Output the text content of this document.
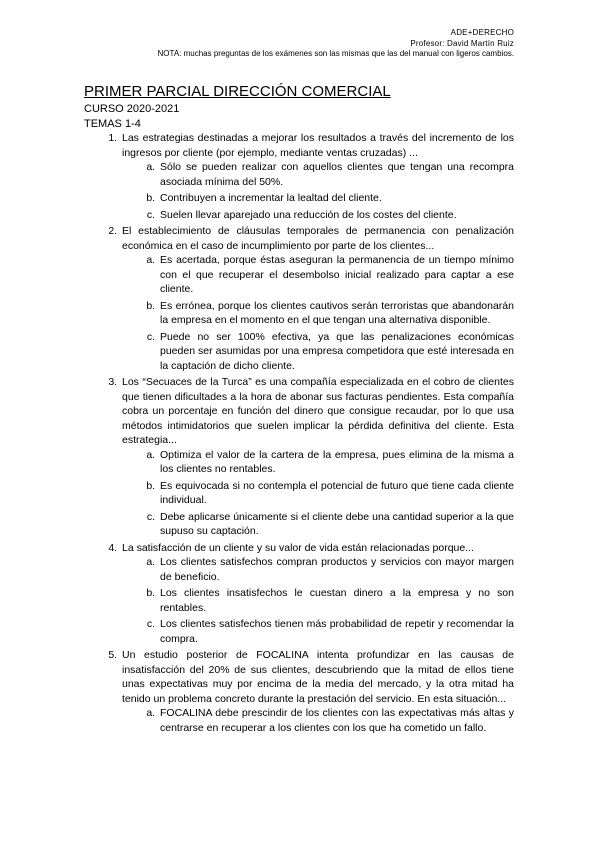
ADE+DERECHO
Profesor: David Martín Ruiz
NOTA: muchas preguntas de los exámenes son las mismas que las del manual con ligeros cambios.
PRIMER PARCIAL DIRECCIÓN COMERCIAL
CURSO 2020-2021
TEMAS 1-4
1. Las estrategias destinadas a mejorar los resultados a través del incremento de los ingresos por cliente (por ejemplo, mediante ventas cruzadas) ...
a. Sólo se pueden realizar con aquellos clientes que tengan una recompra asociada mínima del 50%.
b. Contribuyen a incrementar la lealtad del cliente.
c. Suelen llevar aparejado una reducción de los costes del cliente.
2. El establecimiento de cláusulas temporales de permanencia con penalización económica en el caso de incumplimiento por parte de los clientes...
a. Es acertada, porque éstas aseguran la permanencia de un tiempo mínimo con el que recuperar el desembolso inicial realizado para captar a ese cliente.
b. Es errónea, porque los clientes cautivos serán terroristas que abandonarán la empresa en el momento en el que tengan una alternativa disponible.
c. Puede no ser 100% efectiva, ya que las penalizaciones económicas pueden ser asumidas por una empresa competidora que esté interesada en la captación de dicho cliente.
3. Los “Secuaces de la Turca” es una compañía especializada en el cobro de clientes que tienen dificultades a la hora de abonar sus facturas pendientes. Esta compañía cobra un porcentaje en función del dinero que consigue recaudar, por lo que usa métodos intimidatorios que suelen implicar la pérdida definitiva del cliente. Esta estrategia...
a. Optimiza el valor de la cartera de la empresa, pues elimina de la misma a los clientes no rentables.
b. Es equivocada si no contempla el potencial de futuro que tiene cada cliente individual.
c. Debe aplicarse únicamente si el cliente debe una cantidad superior a la que supuso su captación.
4. La satisfacción de un cliente y su valor de vida están relacionadas porque...
a. Los clientes satisfechos compran productos y servicios con mayor margen de beneficio.
b. Los clientes insatisfechos le cuestan dinero a la empresa y no son rentables.
c. Los clientes satisfechos tienen más probabilidad de repetir y recomendar la compra.
5. Un estudio posterior de FOCALINA intenta profundizar en las causas de insatisfacción del 20% de sus clientes, descubriendo que la mitad de ellos tiene unas expectativas muy por encima de la media del mercado, y la otra mitad ha tenido un problema concreto durante la prestación del servicio. En esta situación...
a. FOCALINA debe prescindir de los clientes con las expectativas más altas y centrarse en recuperar a los clientes con los que ha cometido un fallo.
